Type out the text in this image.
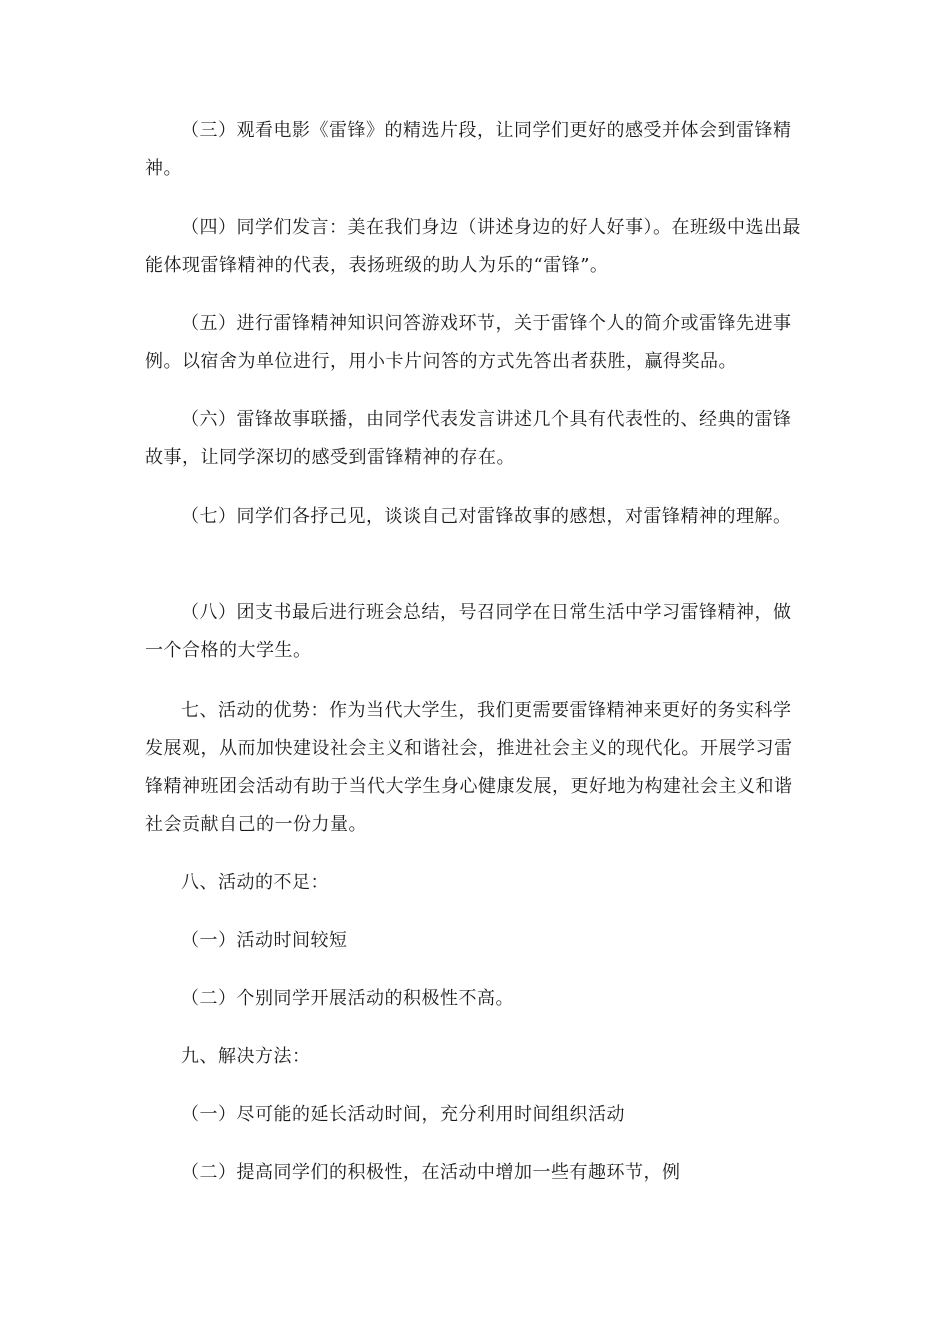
（三）观看电影《雷锋》的精选片段，让同学们更好的感受并体会到雷锋精神。

（四）同学们发言：美在我们身边（讲述身边的好人好事）。在班级中选出最能体现雷锋精神的代表，表扬班级的助人为乐的“雷锋”。

（五）进行雷锋精神知识问答游戏环节，关于雷锋个人的简介或雷锋先进事例。以宿舍为单位进行，用小卡片问答的方式先答出者获胜，赢得奖品。

（六）雷锋故事联播，由同学代表发言讲述几个具有代表性的、经典的雷锋故事，让同学深切的感受到雷锋精神的存在。

（七）同学们各抒己见，谈谈自己对雷锋故事的感想，对雷锋精神的理解。

（八）团支书最后进行班会总结，号召同学在日常生活中学习雷锋精神，做一个合格的大学生。

七、活动的优势：作为当代大学生，我们更需要雷锋精神来更好的务实科学发展观，从而加快建设社会主义和谐社会，推进社会主义的现代化。开展学习雷锋精神班团会活动有助于当代大学生身心健康发展，更好地为构建社会主义和谐社会贡献自己的一份力量。

八、活动的不足：

（一）活动时间较短

（二）个别同学开展活动的积极性不高。

九、解决方法：

（一）尽可能的延长活动时间，充分利用时间组织活动

（二）提高同学们的积极性，在活动中增加一些有趣环节，例
